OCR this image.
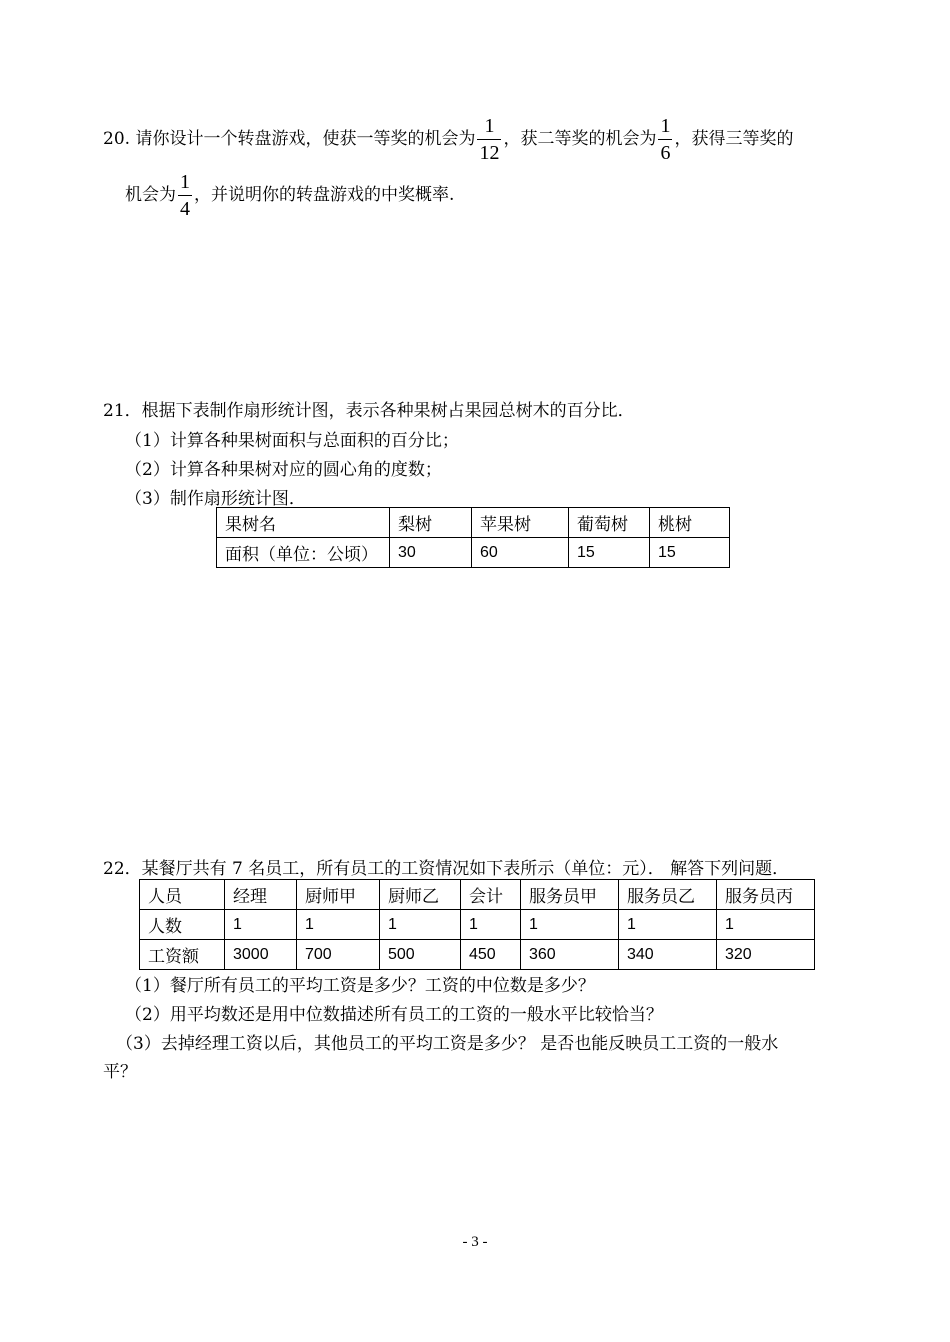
20. 请你设计一个转盘游戏，使获一等奖的机会为 $\frac{1}{12}$ ，获二等奖的机会为 $\frac{1}{6}$ ，获得三等奖的
机会为 $\frac{1}{4}$ ，并说明你的转盘游戏的中奖概率.
21．根据下表制作扇形统计图，表示各种果树占果园总树木的百分比．
（1）计算各种果树面积与总面积的百分比；
（2）计算各种果树对应的圆心角的度数；
（3）制作扇形统计图．
果树名	梨树	苹果树	葡萄树	桃树
面积（单位：公顷）	30	60	15	15
22．某餐厅共有 7 名员工，所有员工的工资情况如下表所示（单位：元）． 解答下列问题．
人员	经理	厨师甲	厨师乙	会计	服务员甲	服务员乙	服务员丙
人数	1	1	1	1	1	1	1
工资额	3000	700	500	450	360	340	320
（1）餐厅所有员工的平均工资是多少？工资的中位数是多少？
（2）用平均数还是用中位数描述所有员工的工资的一般水平比较恰当？
（3）去掉经理工资以后，其他员工的平均工资是多少？ 是否也能反映员工工资的一般水
平？
- 3 -
